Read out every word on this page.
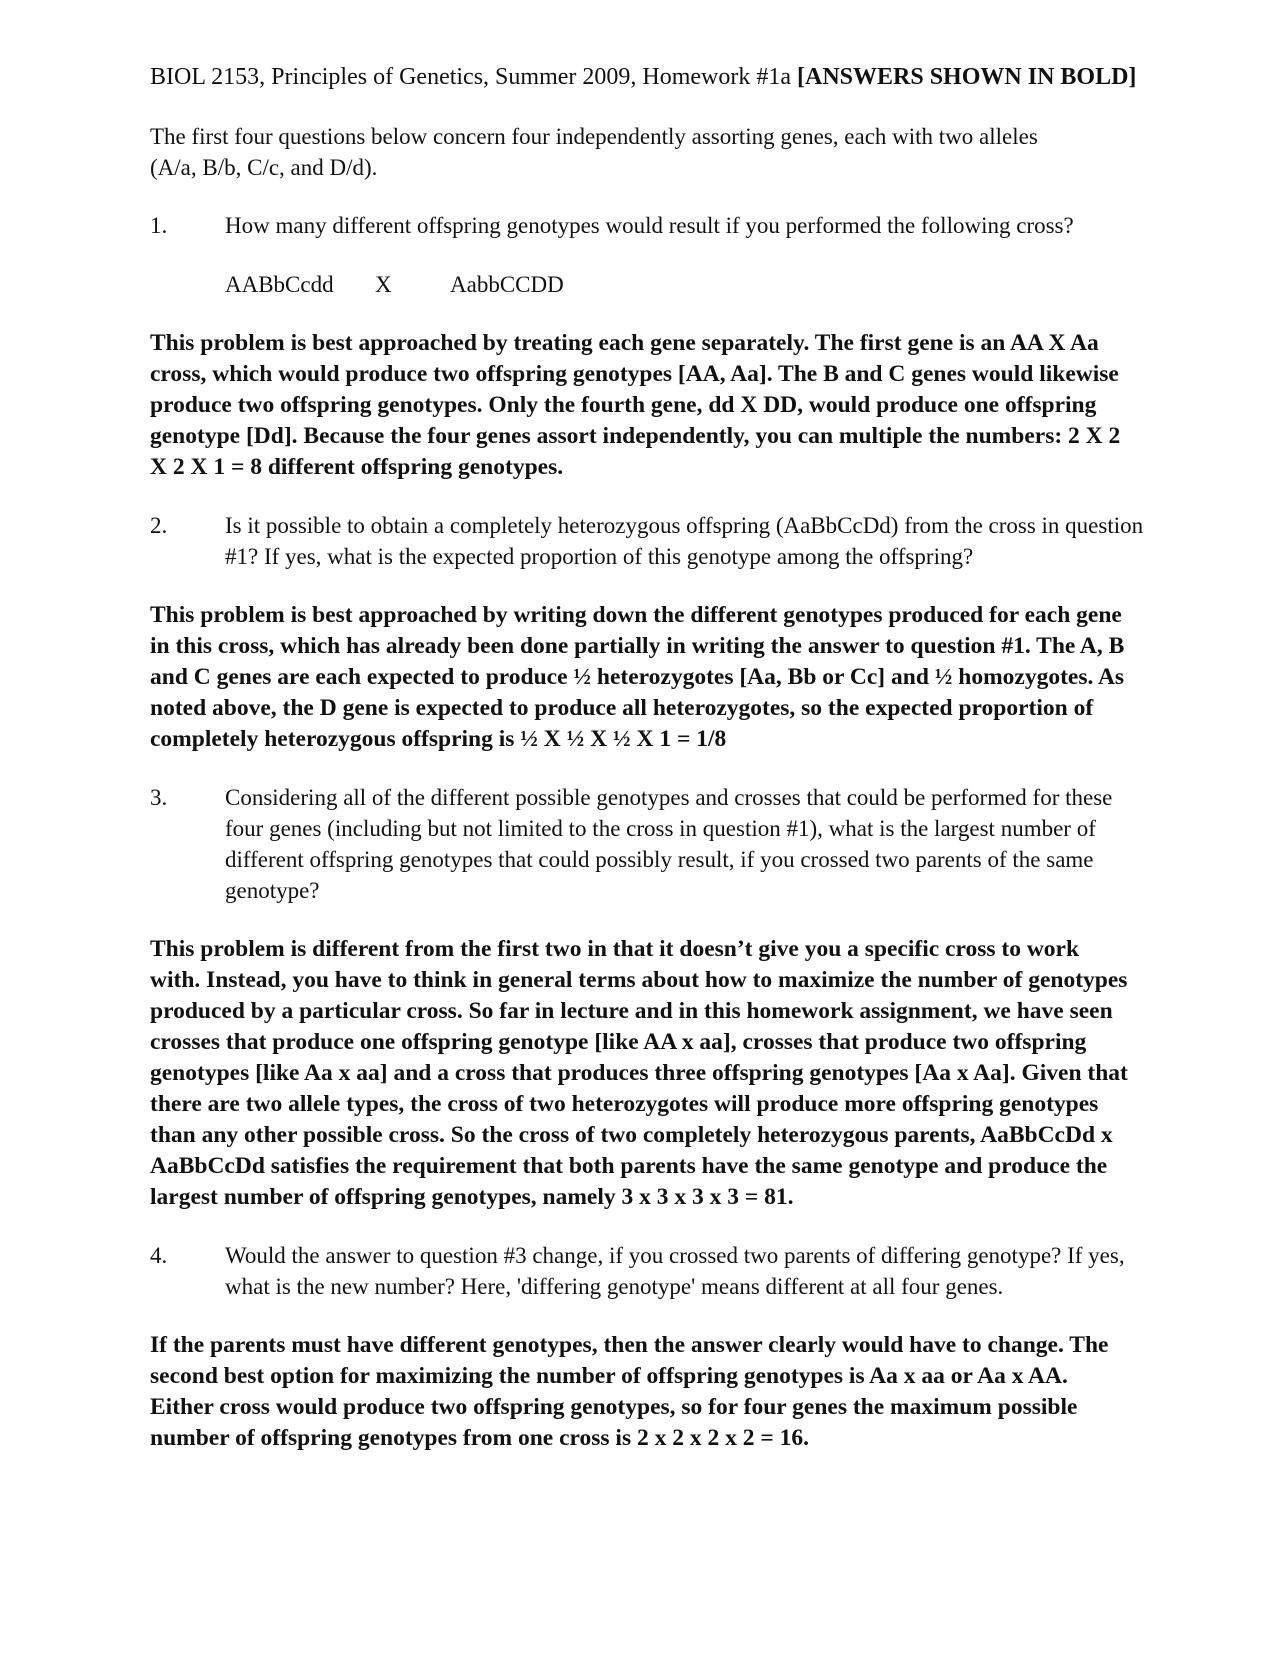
BIOL 2153, Principles of Genetics, Summer 2009, Homework #1a [ANSWERS SHOWN IN BOLD]

The first four questions below concern four independently assorting genes, each with two alleles (A/a, B/b, C/c, and D/d).

1.	How many different offspring genotypes would result if you performed the following cross?
AABbCcdd X	AabbCCDD

This problem is best approached by treating each gene separately. The first gene is an AA X Aa cross, which would produce two offspring genotypes [AA, Aa]. The B and C genes would likewise produce two offspring genotypes. Only the fourth gene, dd X DD, would produce one offspring genotype [Dd]. Because the four genes assort independently, you can multiple the numbers: 2 X 2 X 2 X 1 = 8 different offspring genotypes.

2.	Is it possible to obtain a completely heterozygous offspring (AaBbCcDd) from the cross in question #1? If yes, what is the expected proportion of this genotype among the offspring?

This problem is best approached by writing down the different genotypes produced for each gene in this cross, which has already been done partially in writing the answer to question #1. The A, B and C genes are each expected to produce ½ heterozygotes [Aa, Bb or Cc] and ½ homozygotes. As noted above, the D gene is expected to produce all heterozygotes, so the expected proportion of completely heterozygous offspring is ½ X ½ X ½ X 1 = 1/8

3.	Considering all of the different possible genotypes and crosses that could be performed for these four genes (including but not limited to the cross in question #1), what is the largest number of different offspring genotypes that could possibly result, if you crossed two parents of the same genotype?

This problem is different from the first two in that it doesn’t give you a specific cross to work with. Instead, you have to think in general terms about how to maximize the number of genotypes produced by a particular cross. So far in lecture and in this homework assignment, we have seen crosses that produce one offspring genotype [like AA x aa], crosses that produce two offspring genotypes [like Aa x aa] and a cross that produces three offspring genotypes [Aa x Aa]. Given that there are two allele types, the cross of two heterozygotes will produce more offspring genotypes than any other possible cross. So the cross of two completely heterozygous parents, AaBbCcDd x AaBbCcDd satisfies the requirement that both parents have the same genotype and produce the largest number of offspring genotypes, namely 3 x 3 x 3 x 3 = 81.

4.	Would the answer to question #3 change, if you crossed two parents of differing genotype? If yes, what is the new number? Here, 'differing genotype' means different at all four genes.

If the parents must have different genotypes, then the answer clearly would have to change. The second best option for maximizing the number of offspring genotypes is Aa x aa or Aa x AA. Either cross would produce two offspring genotypes, so for four genes the maximum possible number of offspring genotypes from one cross is 2 x 2 x 2 x 2 = 16.
